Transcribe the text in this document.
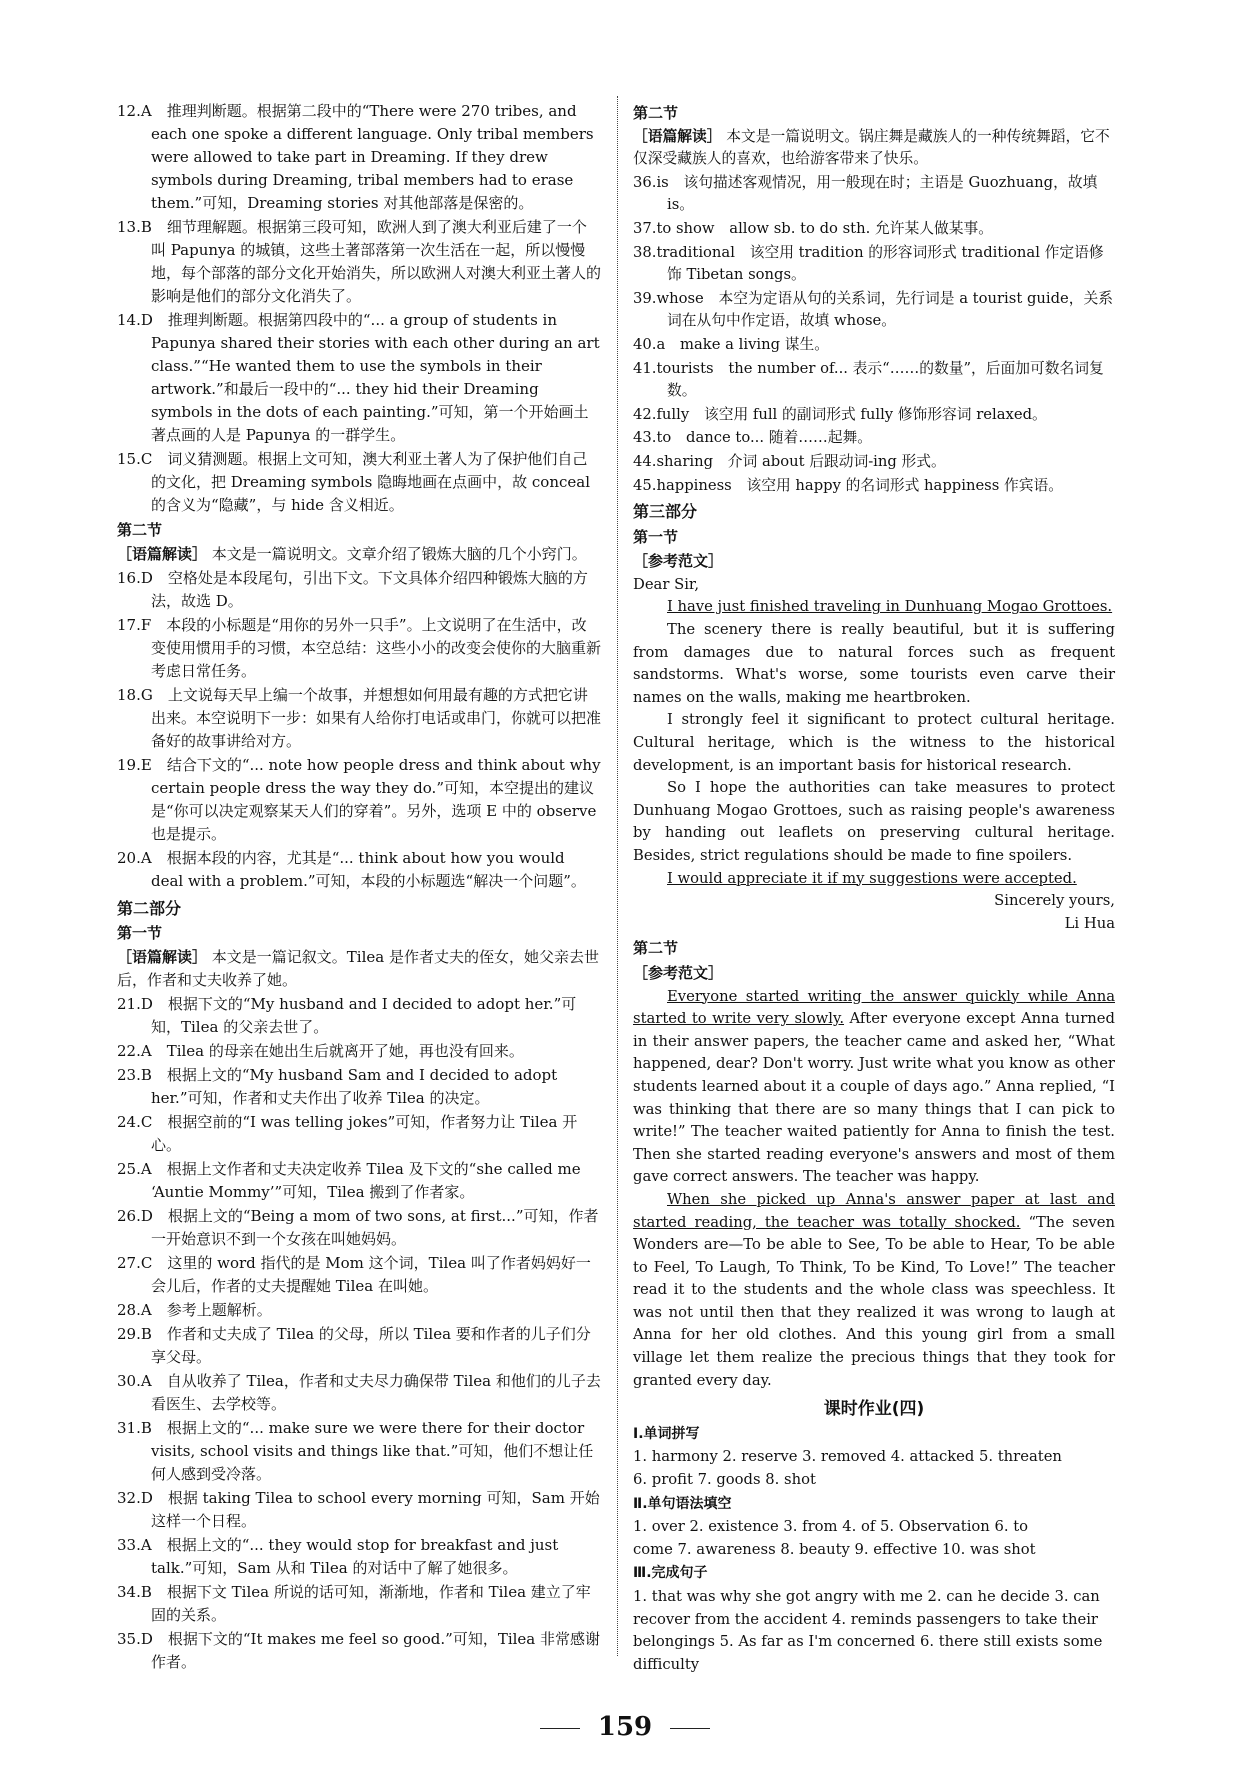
12.A  推理判断题。根据第二段中的“There were 270 tribes, and each one spoke a different language. Only tribal members were allowed to take part in Dreaming. If they drew symbols during Dreaming, tribal members had to erase them.”可知，Dreaming stories 对其他部落是保密的。

13.B  细节理解题。根据第三段可知，欧洲人到了澳大利亚后建了一个叫 Papunya 的城镇，这些土著部落第一次生活在一起，所以慢慢地，每个部落的部分文化开始消失，所以欧洲人对澳大利亚土著人的影响是他们的部分文化消失了。

14.D  推理判断题。根据第四段中的“... a group of students in Papunya shared their stories with each other during an art class.”“He wanted them to use the symbols in their artwork.”和最后一段中的“... they hid their Dreaming symbols in the dots of each painting.”可知，第一个开始画土著点画的人是 Papunya 的一群学生。

15.C  词义猜测题。根据上文可知，澳大利亚土著人为了保护他们自己的文化，把 Dreaming symbols 隐晦地画在点画中，故 conceal 的含义为“隐藏”，与 hide 含义相近。

第二节
［语篇解读］ 本文是一篇说明文。文章介绍了锻炼大脑的几个小窍门。

16.D  空格处是本段尾句，引出下文。下文具体介绍四种锻炼大脑的方法，故选 D。

17.F  本段的小标题是“用你的另外一只手”。上文说明了在生活中，改变使用惯用手的习惯，本空总结：这些小小的改变会使你的大脑重新考虑日常任务。

18.G  上文说每天早上编一个故事，并想想如何用最有趣的方式把它讲出来。本空说明下一步：如果有人给你打电话或串门，你就可以把准备好的故事讲给对方。

19.E  结合下文的“... note how people dress and think about why certain people dress the way they do.”可知，本空提出的建议是“你可以决定观察某天人们的穿着”。另外，选项 E 中的 observe 也是提示。

20.A  根据本段的内容，尤其是“... think about how you would deal with a problem.”可知，本段的小标题选“解决一个问题”。

第二部分
第一节
［语篇解读］ 本文是一篇记叙文。Tilea 是作者丈夫的侄女，她父亲去世后，作者和丈夫收养了她。

21.D  根据下文的“My husband and I decided to adopt her.”可知，Tilea 的父亲去世了。

22.A  Tilea 的母亲在她出生后就离开了她，再也没有回来。

23.B  根据上文的“My husband Sam and I decided to adopt her.”可知，作者和丈夫作出了收养 Tilea 的决定。

24.C  根据空前的“I was telling jokes”可知，作者努力让 Tilea 开心。

25.A  根据上文作者和丈夫决定收养 Tilea 及下文的“she called me ‘Auntie Mommy’”可知，Tilea 搬到了作者家。

26.D  根据上文的“Being a mom of two sons, at first...”可知，作者一开始意识不到一个女孩在叫她妈妈。

27.C  这里的 word 指代的是 Mom 这个词，Tilea 叫了作者妈妈好一会儿后，作者的丈夫提醒她 Tilea 在叫她。

28.A  参考上题解析。

29.B  作者和丈夫成了 Tilea 的父母，所以 Tilea 要和作者的儿子们分享父母。

30.A  自从收养了 Tilea，作者和丈夫尽力确保带 Tilea 和他们的儿子去看医生、去学校等。

31.B  根据上文的“... make sure we were there for their doctor visits, school visits and things like that.”可知，他们不想让任何人感到受冷落。

32.D  根据 taking Tilea to school every morning 可知，Sam 开始这样一个日程。

33.A  根据上文的“... they would stop for breakfast and just talk.”可知，Sam 从和 Tilea 的对话中了解了她很多。

34.B  根据下文 Tilea 所说的话可知，渐渐地，作者和 Tilea 建立了牢固的关系。

35.D  根据下文的“It makes me feel so good.”可知，Tilea 非常感谢作者。

第二节
［语篇解读］ 本文是一篇说明文。锅庄舞是藏族人的一种传统舞蹈，它不仅深受藏族人的喜欢，也给游客带来了快乐。

36.is  该句描述客观情况，用一般现在时；主语是 Guozhuang，故填 is。

37.to show  allow sb. to do sth. 允许某人做某事。

38.traditional  该空用 tradition 的形容词形式 traditional 作定语修饰 Tibetan songs。

39.whose  本空为定语从句的关系词，先行词是 a tourist guide，关系词在从句中作定语，故填 whose。

40.a  make a living 谋生。

41.tourists  the number of... 表示“……的数量”，后面加可数名词复数。

42.fully  该空用 full 的副词形式 fully 修饰形容词 relaxed。

43.to  dance to... 随着……起舞。

44.sharing  介词 about 后跟动词-ing 形式。

45.happiness  该空用 happy 的名词形式 happiness 作宾语。

第三部分
第一节
［参考范文］

Dear Sir,

I have just finished traveling in Dunhuang Mogao Grottoes.

The scenery there is really beautiful, but it is suffering from damages due to natural forces such as frequent sandstorms. What's worse, some tourists even carve their names on the walls, making me heartbroken.

I strongly feel it significant to protect cultural heritage. Cultural heritage, which is the witness to the historical development, is an important basis for historical research.

So I hope the authorities can take measures to protect Dunhuang Mogao Grottoes, such as raising people's awareness by handing out leaflets on preserving cultural heritage. Besides, strict regulations should be made to fine spoilers.

I would appreciate it if my suggestions were accepted.

Sincerely yours,

Li Hua

第二节
［参考范文］

Everyone started writing the answer quickly while Anna started to write very slowly. After everyone except Anna turned in their answer papers, the teacher came and asked her, “What happened, dear? Don't worry. Just write what you know as other students learned about it a couple of days ago.” Anna replied, “I was thinking that there are so many things that I can pick to write!” The teacher waited patiently for Anna to finish the test. Then she started reading everyone's answers and most of them gave correct answers. The teacher was happy.

When she picked up Anna's answer paper at last and started reading, the teacher was totally shocked. “The seven Wonders are—To be able to See, To be able to Hear, To be able to Feel, To Laugh, To Think, To be Kind, To Love!” The teacher read it to the students and the whole class was speechless. It was not until then that they realized it was wrong to laugh at Anna for her old clothes. And this young girl from a small village let them realize the precious things that they took for granted every day.

课时作业(四)
Ⅰ.单词拼写

1. harmony 2. reserve 3. removed 4. attacked 5. threaten

6. profit 7. goods 8. shot

Ⅱ.单句语法填空

1. over 2. existence 3. from 4. of 5. Observation 6. to

come 7. awareness 8. beauty 9. effective 10. was shot

Ⅲ.完成句子

1. that was why she got angry with me 2. can he decide 3. can recover from the accident 4. reminds passengers to take their belongings 5. As far as I'm concerned 6. there still exists some difficulty

159
